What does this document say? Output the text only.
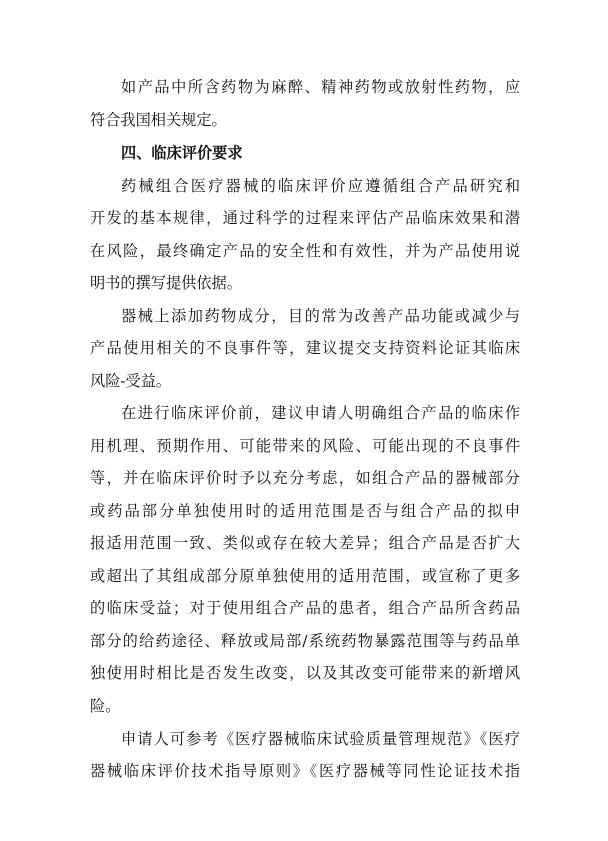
如产品中所含药物为麻醉、精神药物或放射性药物，应
符合我国相关规定。
四、临床评价要求
药械组合医疗器械的临床评价应遵循组合产品研究和
开发的基本规律，通过科学的过程来评估产品临床效果和潜
在风险，最终确定产品的安全性和有效性，并为产品使用说
明书的撰写提供依据。
器械上添加药物成分，目的常为改善产品功能或减少与
产品使用相关的不良事件等，建议提交支持资料论证其临床
风险-受益。
在进行临床评价前，建议申请人明确组合产品的临床作
用机理、预期作用、可能带来的风险、可能出现的不良事件
等，并在临床评价时予以充分考虑，如组合产品的器械部分
或药品部分单独使用时的适用范围是否与组合产品的拟申
报适用范围一致、类似或存在较大差异；组合产品是否扩大
或超出了其组成部分原单独使用的适用范围，或宣称了更多
的临床受益；对于使用组合产品的患者，组合产品所含药品
部分的给药途径、释放或局部/系统药物暴露范围等与药品单
独使用时相比是否发生改变，以及其改变可能带来的新增风
险。
申请人可参考《医疗器械临床试验质量管理规范》《医疗
器械临床评价技术指导原则》《医疗器械等同性论证技术指
